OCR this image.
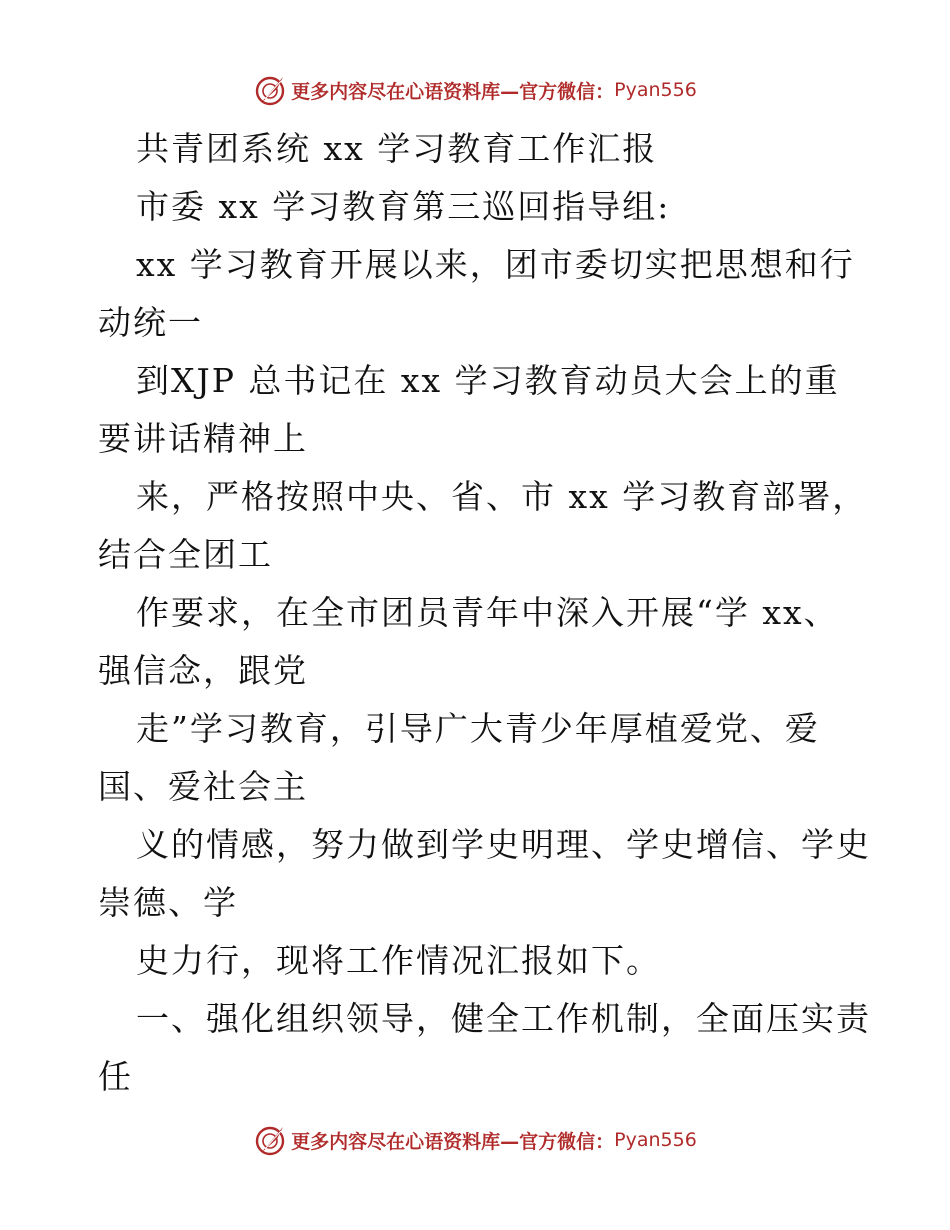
更多内容尽在心语资料库—官方微信： Pyan556
共青团系统 xx 学习教育工作汇报
市委 xx 学习教育第三巡回指导组:
xx 学习教育开展以来，团市委切实把思想和行
动统一
到XJP 总书记在 xx 学习教育动员大会上的重
要讲话精神上
来，严格按照中央、省、市 xx 学习教育部署，
结合全团工
作要求，在全市团员青年中深入开展“学 xx、
强信念，跟党
走”学习教育，引导广大青少年厚植爱党、爱
国、爱社会主
义的情感，努力做到学史明理、学史增信、学史
崇德、学
史力行，现将工作情况汇报如下。
一、强化组织领导，健全工作机制，全面压实责
任
更多内容尽在心语资料库—官方微信： Pyan556
